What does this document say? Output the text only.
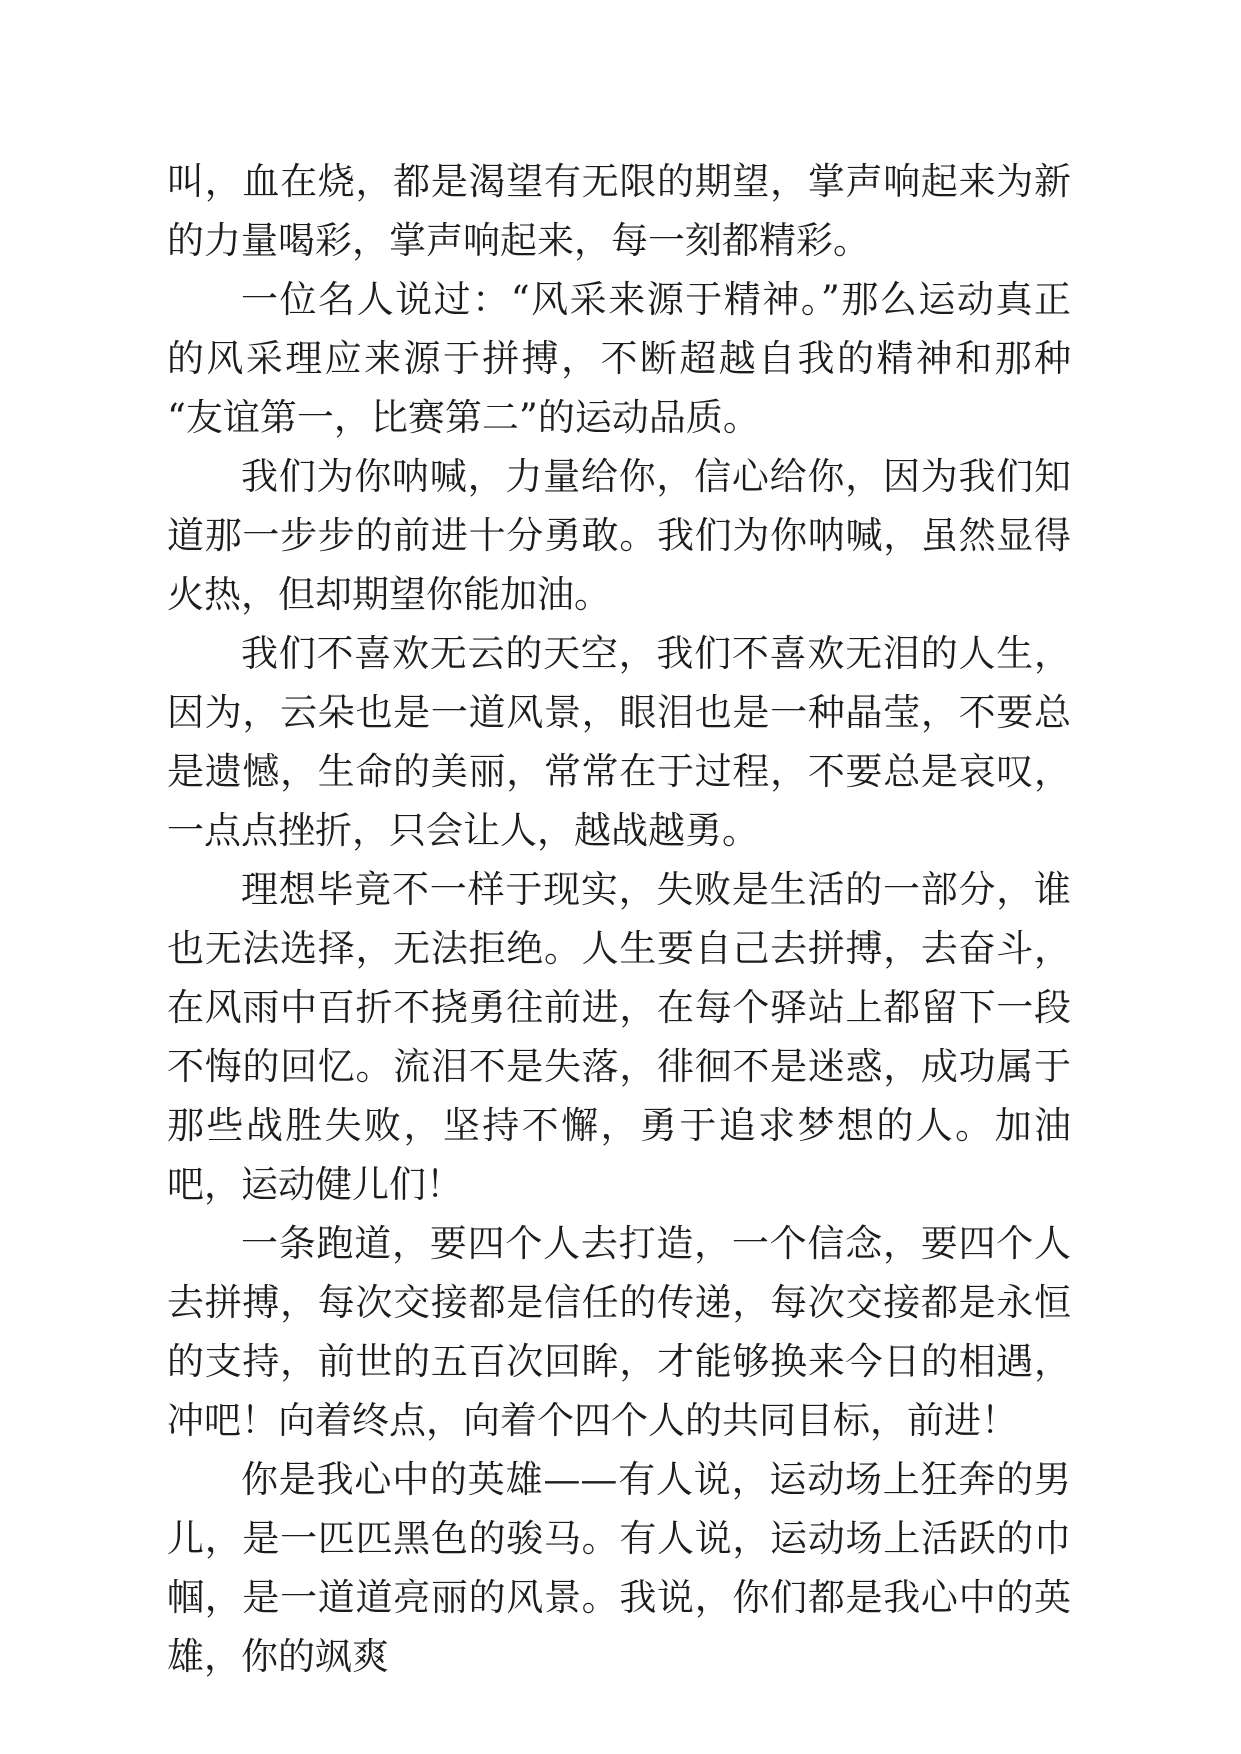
叫，血在烧，都是渴望有无限的期望，掌声响起来为新的力量喝彩，掌声响起来，每一刻都精彩。

一位名人说过：“风采来源于精神。”那么运动真正的风采理应来源于拼搏，不断超越自我的精神和那种“友谊第一，比赛第二”的运动品质。

我们为你呐喊，力量给你，信心给你，因为我们知道那一步步的前进十分勇敢。我们为你呐喊，虽然显得火热，但却期望你能加油。

我们不喜欢无云的天空，我们不喜欢无泪的人生，因为，云朵也是一道风景，眼泪也是一种晶莹，不要总是遗憾，生命的美丽，常常在于过程，不要总是哀叹，一点点挫折，只会让人，越战越勇。

理想毕竟不一样于现实，失败是生活的一部分，谁也无法选择，无法拒绝。人生要自己去拼搏，去奋斗，在风雨中百折不挠勇往前进，在每个驿站上都留下一段不悔的回忆。流泪不是失落，徘徊不是迷惑，成功属于那些战胜失败，坚持不懈，勇于追求梦想的人。加油吧，运动健儿们！

一条跑道，要四个人去打造，一个信念，要四个人去拼搏，每次交接都是信任的传递，每次交接都是永恒的支持，前世的五百次回眸，才能够换来今日的相遇，冲吧！向着终点，向着个四个人的共同目标，前进！

你是我心中的英雄——有人说，运动场上狂奔的男儿，是一匹匹黑色的骏马。有人说，运动场上活跃的巾帼，是一道道亮丽的风景。我说，你们都是我心中的英雄，你的飒爽
